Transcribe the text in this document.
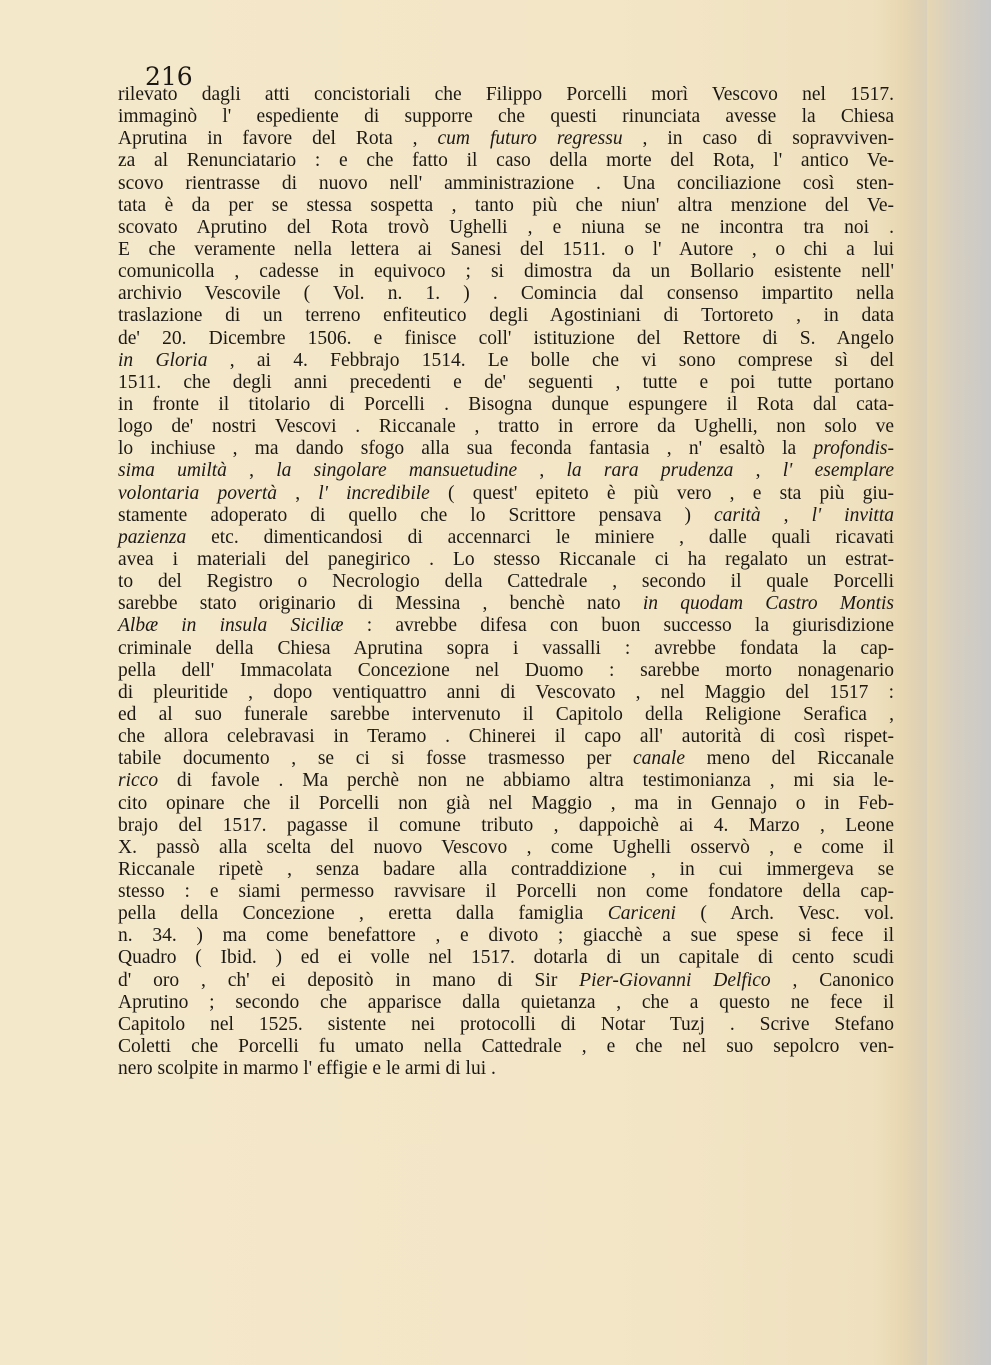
216
rilevato dagli atti concistoriali che Filippo Porcelli morì Vescovo nel 1517.
immaginò l' espediente di supporre che questi rinunciata avesse la Chiesa
Aprutina in favore del Rota , cum futuro regressu , in caso di sopravviven-
za al Renunciatario : e che fatto il caso della morte del Rota, l' antico Ve-
scovo rientrasse di nuovo nell' amministrazione . Una conciliazione così sten-
tata è da per se stessa sospetta , tanto più che niun' altra menzione del Ve-
scovato Aprutino del Rota trovò Ughelli , e niuna se ne incontra tra noi .
E che veramente nella lettera ai Sanesi del 1511. o l' Autore , o chi a lui
comunicolla , cadesse in equivoco ; si dimostra da un Bollario esistente nell'
archivio Vescovile ( Vol. n. 1. ) . Comincia dal consenso impartito nella
traslazione di un terreno enfiteutico degli Agostiniani di Tortoreto , in data
de' 20. Dicembre 1506. e finisce coll' istituzione del Rettore di S. Angelo
in Gloria , ai 4. Febbrajo 1514. Le bolle che vi sono comprese sì del
1511. che degli anni precedenti e de' seguenti , tutte e poi tutte portano
in fronte il titolario di Porcelli . Bisogna dunque espungere il Rota dal cata-
logo de' nostri Vescovi . Riccanale , tratto in errore da Ughelli, non solo ve
lo inchiuse , ma dando sfogo alla sua feconda fantasia , n' esaltò la profondis-
sima umiltà , la singolare mansuetudine , la rara prudenza , l' esemplare
volontaria povertà , l' incredibile ( quest' epiteto è più vero , e sta più giu-
stamente adoperato di quello che lo Scrittore pensava ) carità , l' invitta
pazienza etc. dimenticandosi di accennarci le miniere , dalle quali ricavati
avea i materiali del panegirico . Lo stesso Riccanale ci ha regalato un estrat-
to del Registro o Necrologio della Cattedrale , secondo il quale Porcelli
sarebbe stato originario di Messina , benchè nato in quodam Castro Montis
Albæ in insula Siciliæ : avrebbe difesa con buon successo la giurisdizione
criminale della Chiesa Aprutina sopra i vassalli : avrebbe fondata la cap-
pella dell' Immacolata Concezione nel Duomo : sarebbe morto nonagenario
di pleuritide , dopo ventiquattro anni di Vescovato , nel Maggio del 1517 :
ed al suo funerale sarebbe intervenuto il Capitolo della Religione Serafica ,
che allora celebravasi in Teramo . Chinerei il capo all' autorità di così rispet-
tabile documento , se ci si fosse trasmesso per canale meno del Riccanale
ricco di favole . Ma perchè non ne abbiamo altra testimonianza , mi sia le-
cito opinare che il Porcelli non già nel Maggio , ma in Gennajo o in Feb-
brajo del 1517. pagasse il comune tributo , dappoichè ai 4. Marzo , Leone
X. passò alla scelta del nuovo Vescovo , come Ughelli osservò , e come il
Riccanale ripetè , senza badare alla contraddizione , in cui immergeva se
stesso : e siami permesso ravvisare il Porcelli non come fondatore della cap-
pella della Concezione , eretta dalla famiglia Cariceni ( Arch. Vesc. vol.
n. 34. ) ma come benefattore , e divoto ; giacchè a sue spese si fece il
Quadro ( Ibid. ) ed ei volle nel 1517. dotarla di un capitale di cento scudi
d' oro , ch' ei depositò in mano di Sir Pier-Giovanni Delfico , Canonico
Aprutino ; secondo che apparisce dalla quietanza , che a questo ne fece il
Capitolo nel 1525. sistente nei protocolli di Notar Tuzj . Scrive Stefano
Coletti che Porcelli fu umato nella Cattedrale , e che nel suo sepolcro ven-
nero scolpite in marmo l' effigie e le armi di lui .
